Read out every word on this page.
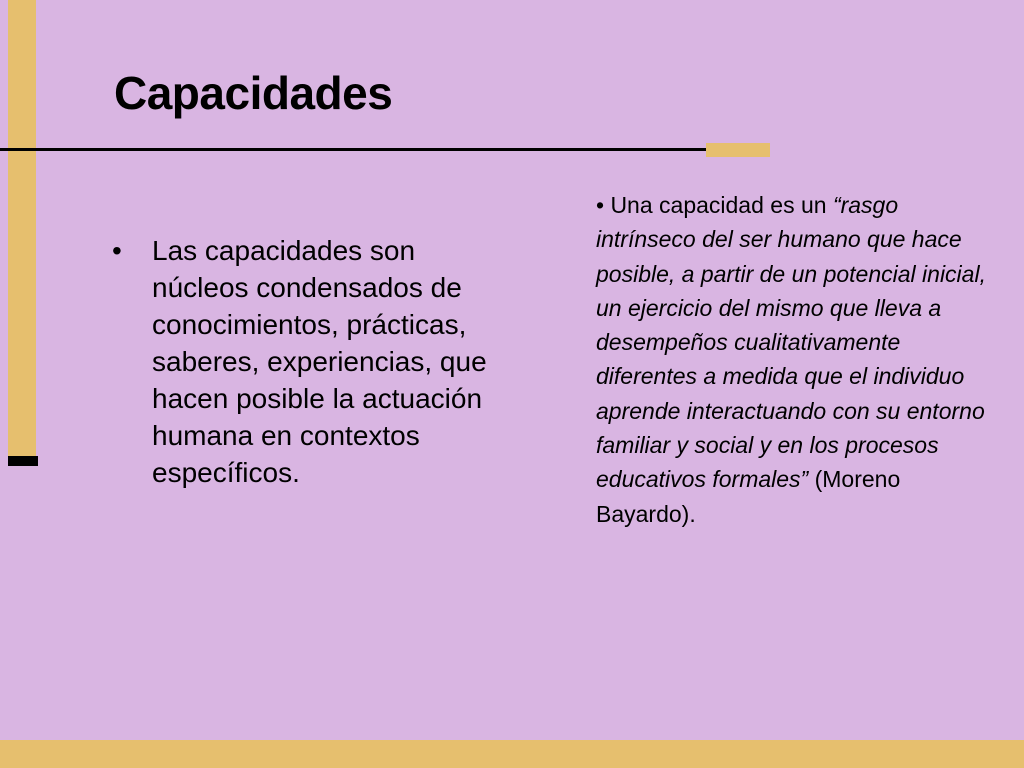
Capacidades
•	Las capacidades son núcleos condensados de conocimientos, prácticas, saberes, experiencias, que hacen posible la actuación humana en contextos específicos.
• Una capacidad es un “rasgo intrínseco del ser humano que hace posible, a partir de un potencial inicial, un ejercicio del mismo que lleva a desempeños cualitativamente diferentes a medida que el individuo aprende interactuando con su entorno familiar y social y en los procesos educativos formales” (Moreno Bayardo).
